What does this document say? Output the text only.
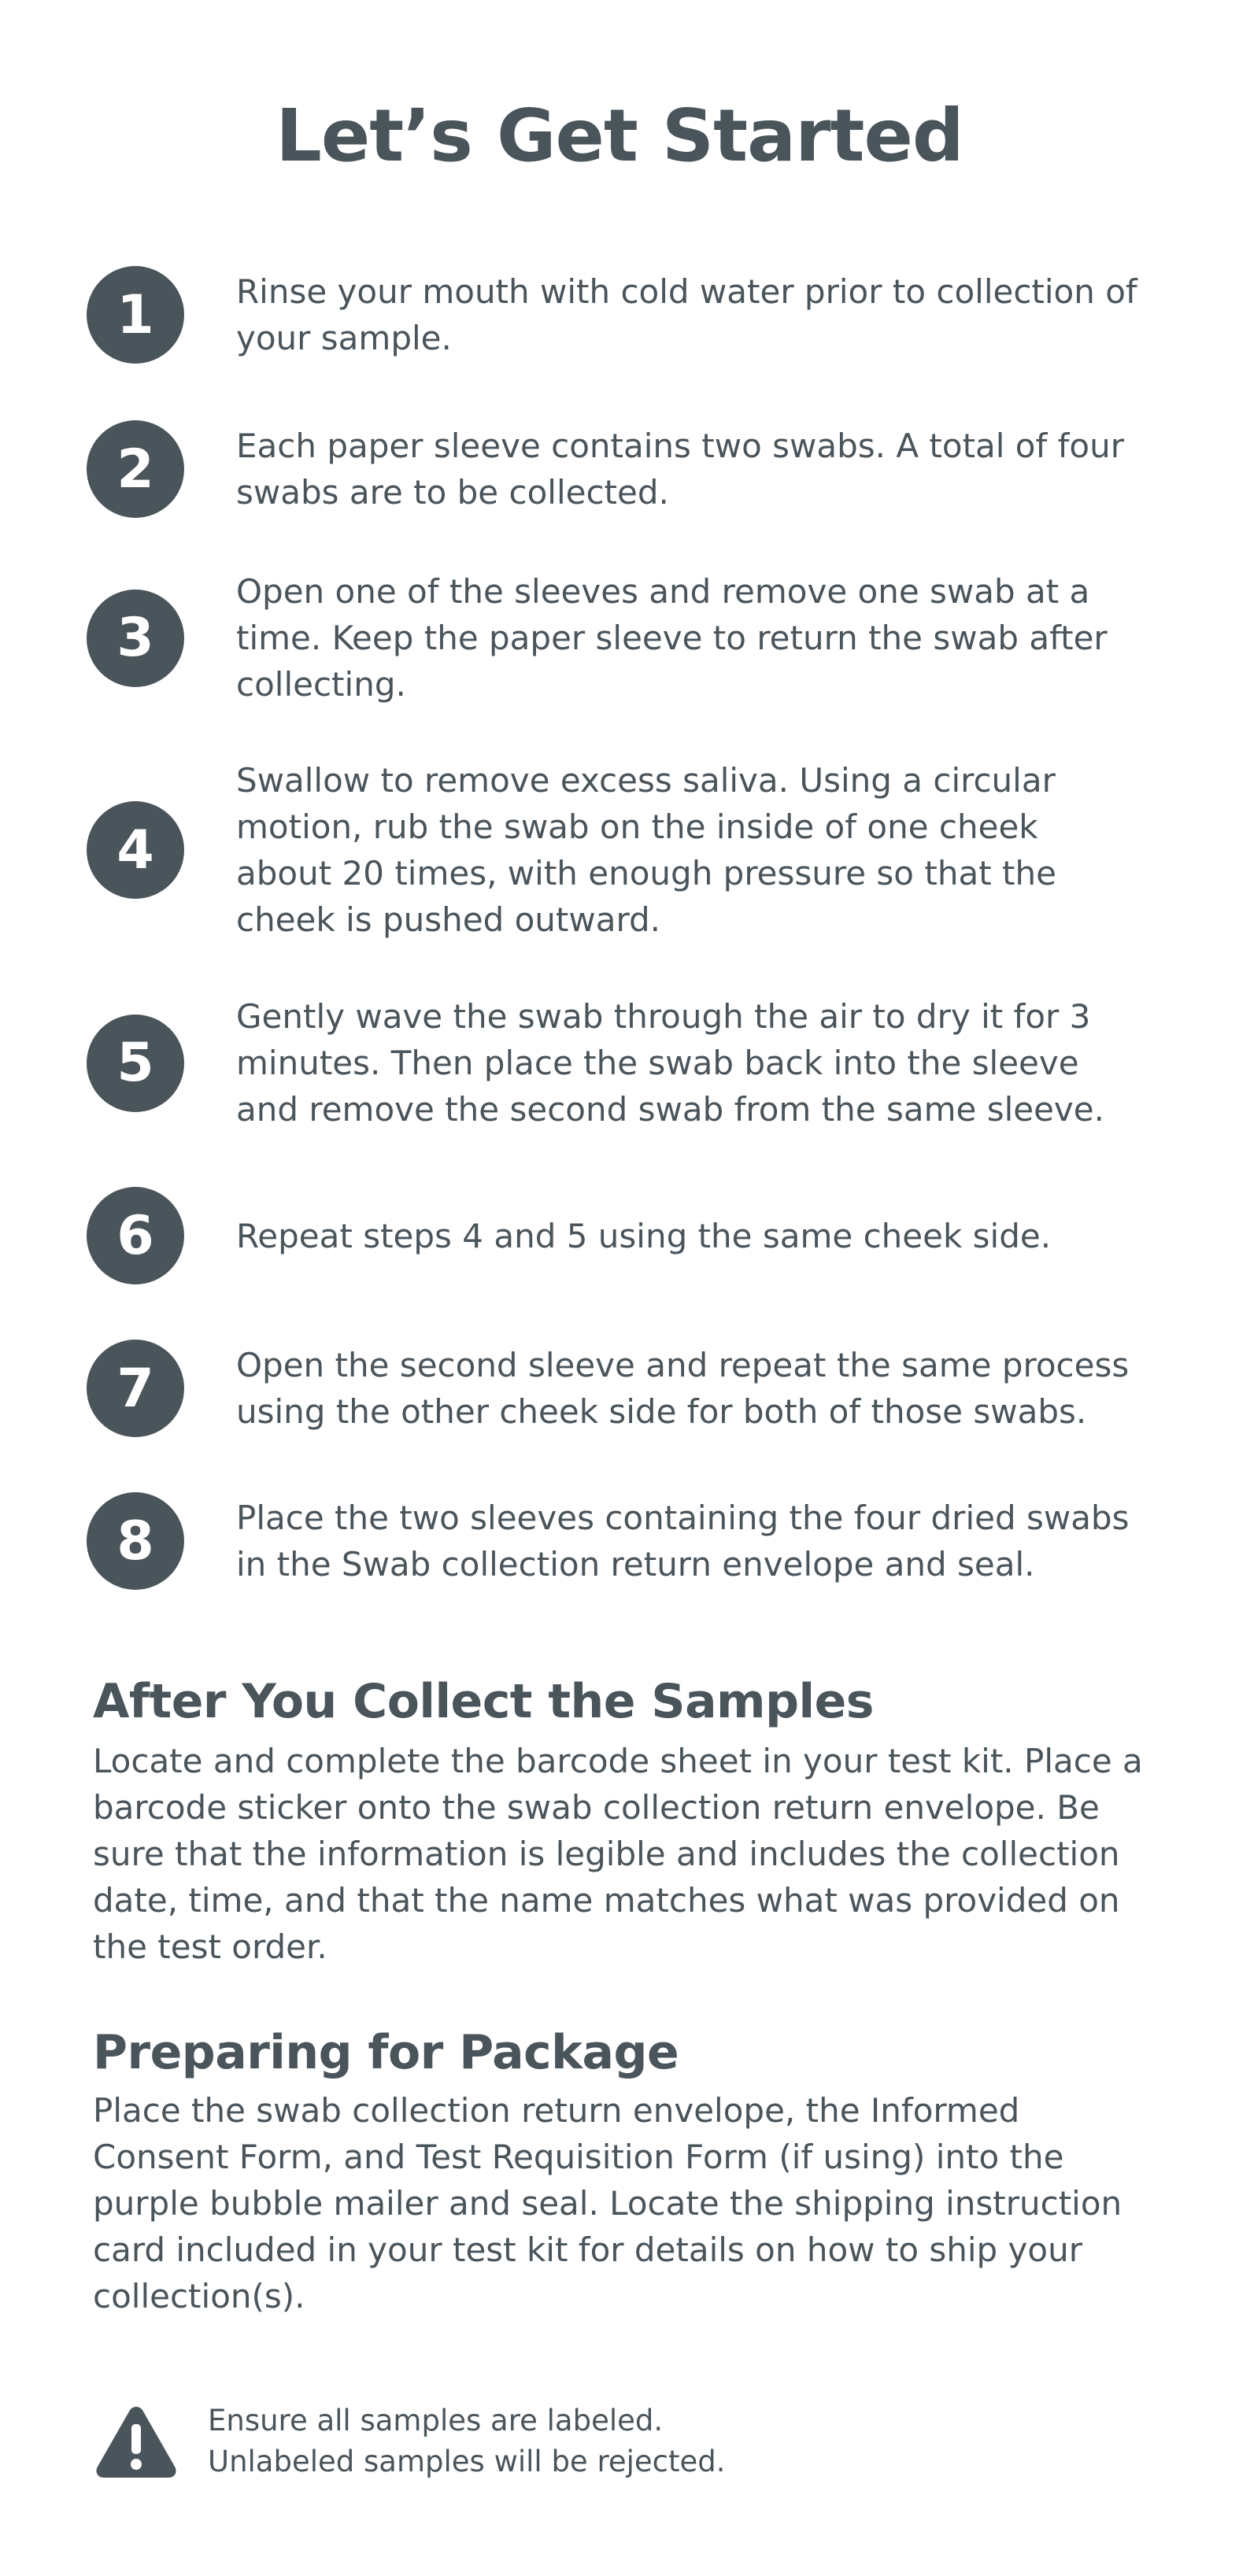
Let’s Get Started
1	Rinse your mouth with cold water prior to collection of your sample.
2	Each paper sleeve contains two swabs. A total of four swabs are to be collected.
3
Open one of the sleeves and remove one swab at a time. Keep the paper sleeve to return the swab after collecting.
4
Swallow to remove excess saliva. Using a circular motion, rub the swab on the inside of one cheek about 20 times, with enough pressure so that the cheek is pushed outward.
5
Gently wave the swab through the air to dry it for 3 minutes. Then place the swab back into the sleeve and remove the second swab from the same sleeve.
6	Repeat steps 4 and 5 using the same cheek side.
7	Open the second sleeve and repeat the same process using the other cheek side for both of those swabs.
8	Place the two sleeves containing the four dried swabs in the Swab collection return envelope and seal.
After You Collect the Samples

Locate and complete the barcode sheet in your test kit. Place a barcode sticker onto the swab collection return envelope. Be sure that the information is legible and includes the collection date, time, and that the name matches what was provided on the test order.

Preparing for Package

Place the swab collection return envelope, the Informed Consent Form, and Test Requisition Form (if using) into the purple bubble mailer and seal. Locate the shipping instruction card included in your test kit for details on how to ship your collection(s).

Ensure all samples are labeled.
Unlabeled samples will be rejected.
